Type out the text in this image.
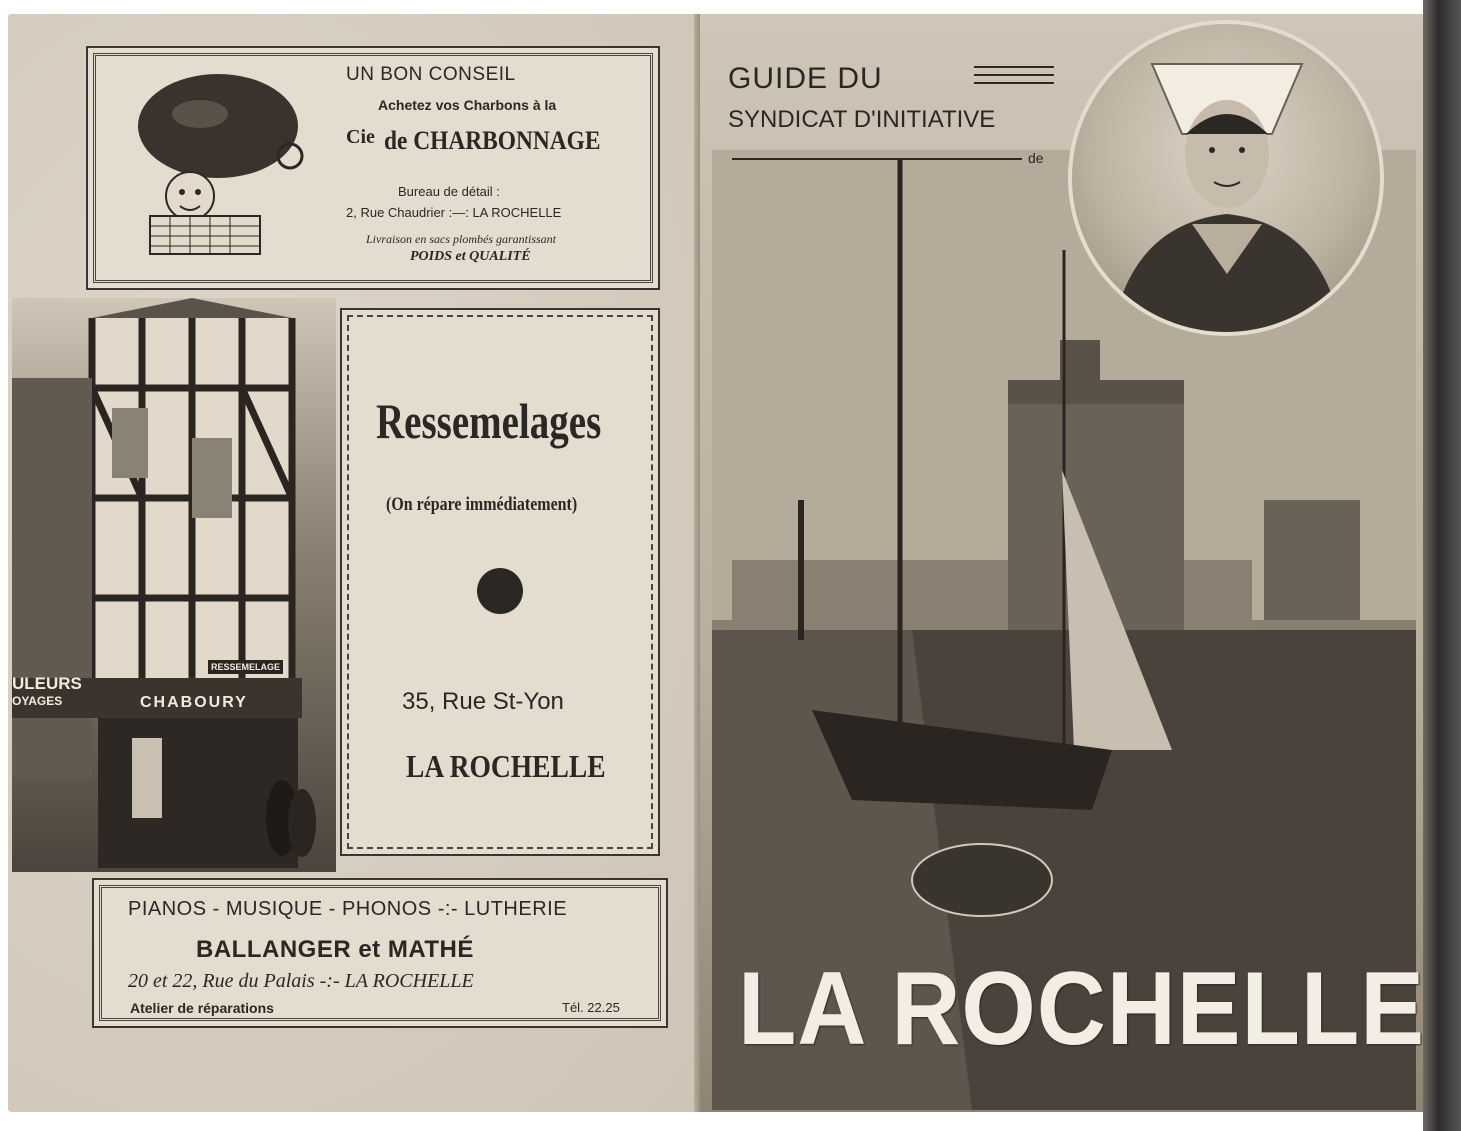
UN BON CONSEIL
Achetez vos Charbons à la
Cie de CHARBONNAGE
Bureau de détail :
2, Rue Chaudrier :—: LA ROCHELLE
Livraison en sacs plombés garantissant
POIDS et QUALITÉ
ULEURS
OYAGES	CHABOURY
RESSEMELAGE
CHABOURY
Ressemelages
(On répare immédiatement)
35, Rue St-Yon
LA ROCHELLE
PIANOS - MUSIQUE - PHONOS -:- LUTHERIE
BALLANGER et MATHÉ
20 et 22, Rue du Palais -:- LA ROCHELLE
Atelier de réparations	Tél. 22.25
GUIDE DU
SYNDICAT D'INITIATIVE
de
LA ROCHELLE
